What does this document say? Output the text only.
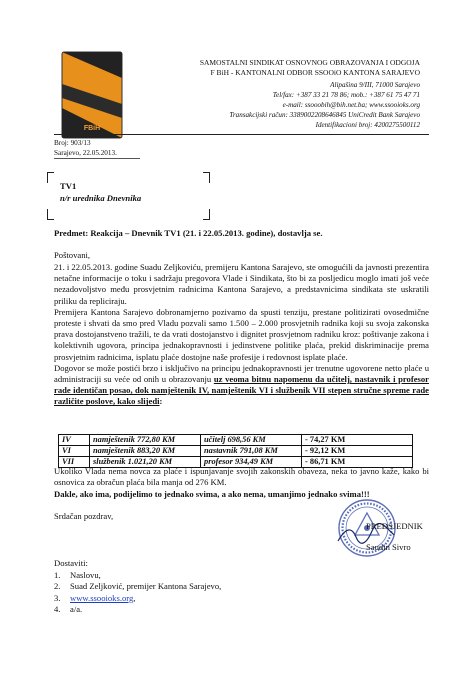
FBiH
SAMOSTALNI SINDIKAT OSNOVNOG OBRAZOVANJA I ODGOJA
F BiH - KANTONALNI ODBOR SSOOiO KANTONA SARAJEVO
Alipašina 9/III, 71000 Sarajevo
Tel/fax: +387 33 21 78 86; mob.: +387 61 75 47 71
e-mail: ssooobih@bih.net.ba; www.ssooioks.org
Transakcijski račun: 3389002208646845 UniCredit Bank Sarajevo
Identifikacioni broj: 4200275500112
Broj: 903/13
Sarajevo, 22.05.2013.
TV1
n/r urednika Dnevnika
Predmet: Reakcija – Dnevnik TV1 (21. i 22.05.2013. godine), dostavlja se.
Poštovani,
21. i 22.05.2013. godine Suadu Zeljkoviću, premijeru Kantona Sarajevo, ste omogućili da javnosti prezentira netačne informacije o toku i sadržaju pregovora Vlade i Sindikata, što bi za posljedicu moglo imati još veće nezadovoljstvo među prosvjetnim radnicima Kantona Sarajevo, a predstavnicima sindikata ste uskratili priliku da repliciraju.
Premijera Kantona Sarajevo dobronamjerno pozivamo da spusti tenziju, prestane politizirati ovosedmične proteste i shvati da smo pred Vladu pozvali samo 1.500 – 2.000 prosvjetnih radnika koji su svoja zakonska prava dostojanstveno tražili, te da vrati dostojanstvo i dignitet prosvjetnom radniku kroz: poštivanje zakona i kolektivnih ugovora, principa jednakopravnosti i jedinstvene politike plaća, prekid diskriminacije prema prosvjetnim radnicima, isplatu plaće dostojne naše profesije i redovnost isplate plaće.
Dogovor se može postići brzo i isključivo na principu jednakopravnosti jer trenutne ugovorene netto plaće u administraciji su veće od onih u obrazovanju uz veoma bitnu napomenu da učitelj, nastavnik i profesor rade identičan posao, dok namještenik IV, namještenik VI i službenik VII stepen stručne spreme rade različite poslove, kako slijedi:
IV	namještenik 772,80 KM	učitelj 698,56 KM	- 74,27 KM
VI	namještenik 883,20 KM	nastavnik 791,08 KM	- 92,12 KM
VII	službenik 1.021,20 KM	profesor 934,49 KM	- 86,71 KM
Ukoliko Vlada nema novca za plaće i ispunjavanje svojih zakonskih obaveza, neka to javno kaže, kako bi osnovica za obračun plaća bila manja od 276 KM.
Dakle, ako ima, podijelimo to jednako svima, a ako nema, umanjimo jednako svima!!!
Srdačan pozdrav,
PREDSJEDNIK
Saudin Sivro
Dostaviti:
1.	Naslovu,
2.	Suad Zeljković, premijer Kantona Sarajevo,
3.	www.ssooioks.org ,
4.	a/a.
